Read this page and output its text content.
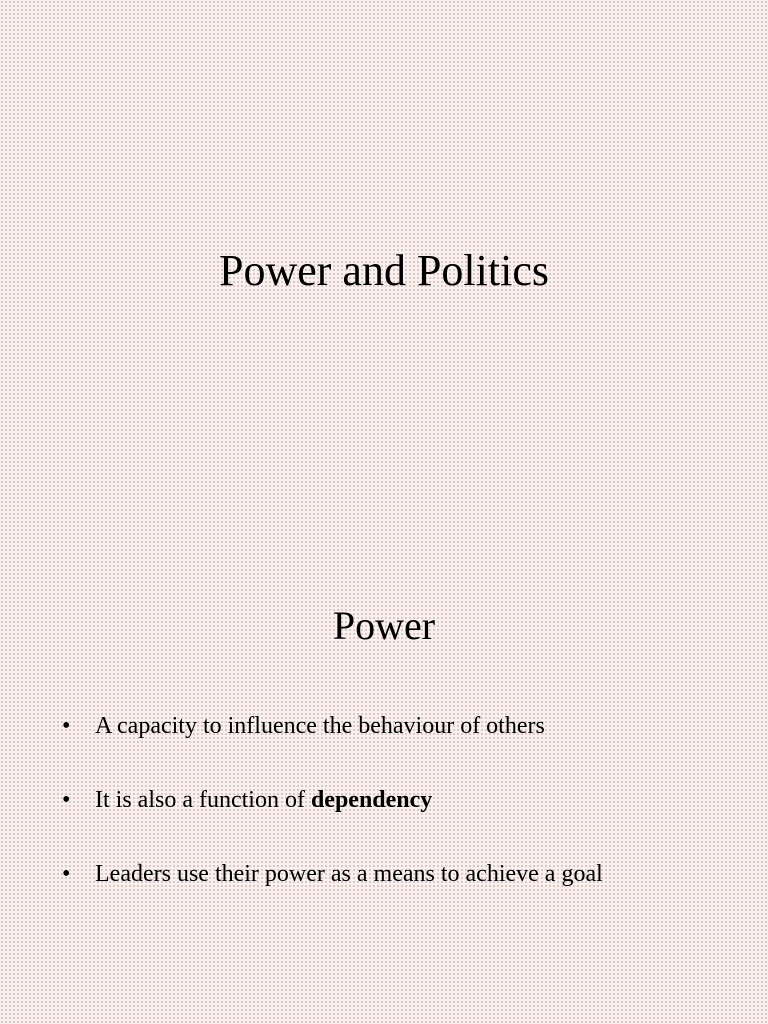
Power and Politics
Power
• A capacity to influence the behaviour of others
• It is also a function of dependency
• Leaders use their power as a means to achieve a goal
